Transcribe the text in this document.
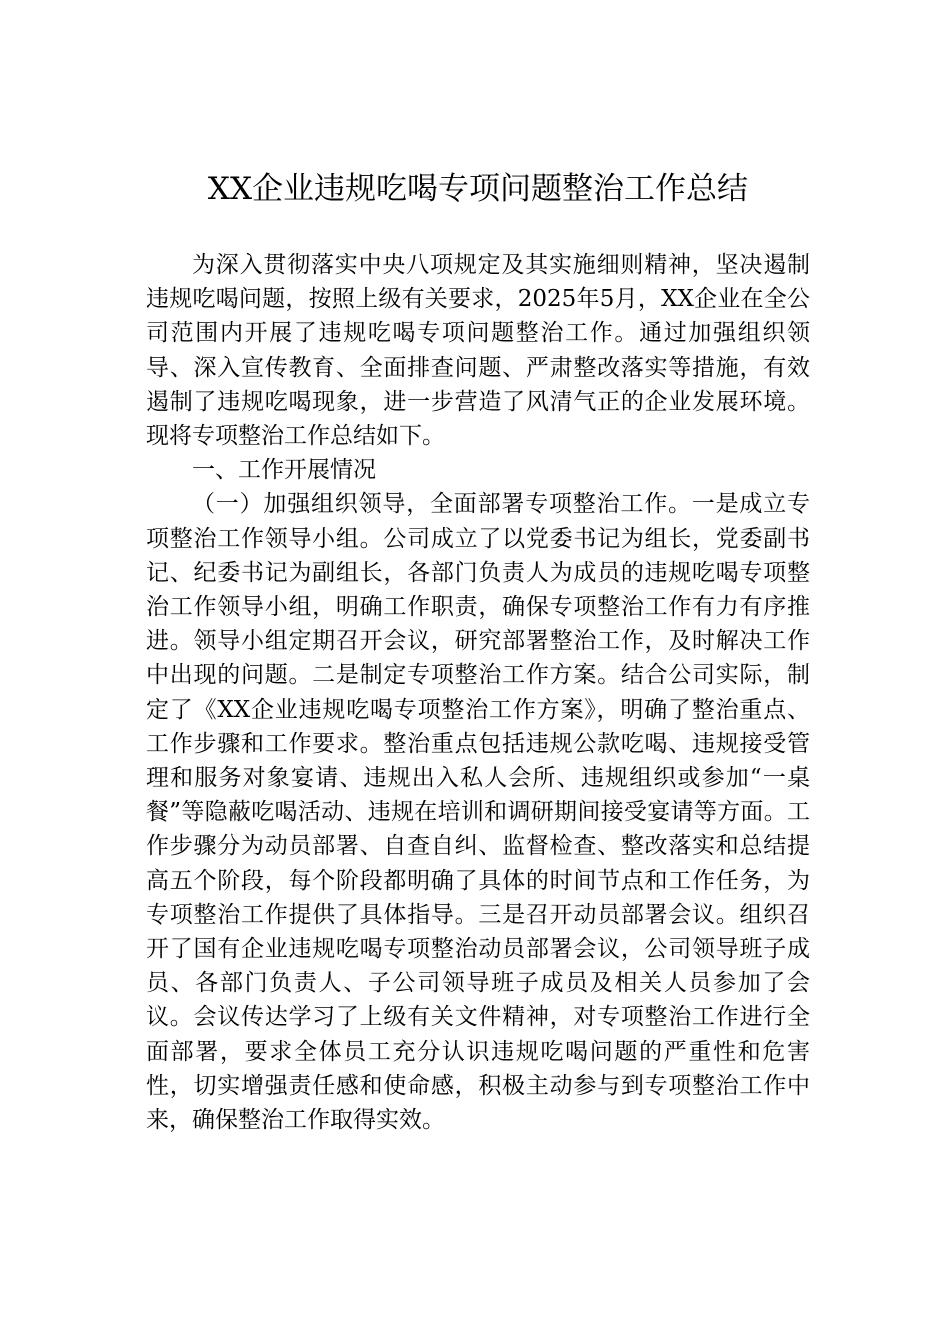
XX企业违规吃喝专项问题整治工作总结

为深入贯彻落实中央八项规定及其实施细则精神，坚决遏制违规吃喝问题，按照上级有关要求，2025年5月，XX企业在全公司范围内开展了违规吃喝专项问题整治工作。通过加强组织领导、深入宣传教育、全面排查问题、严肃整改落实等措施，有效遏制了违规吃喝现象，进一步营造了风清气正的企业发展环境。现将专项整治工作总结如下。

一、工作开展情况

（一）加强组织领导，全面部署专项整治工作。一是成立专项整治工作领导小组。公司成立了以党委书记为组长，党委副书记、纪委书记为副组长，各部门负责人为成员的违规吃喝专项整治工作领导小组，明确工作职责，确保专项整治工作有力有序推进。领导小组定期召开会议，研究部署整治工作，及时解决工作中出现的问题。二是制定专项整治工作方案。结合公司实际，制定了《XX企业违规吃喝专项整治工作方案》，明确了整治重点、工作步骤和工作要求。整治重点包括违规公款吃喝、违规接受管理和服务对象宴请、违规出入私人会所、违规组织或参加“一桌餐”等隐蔽吃喝活动、违规在培训和调研期间接受宴请等方面。工作步骤分为动员部署、自查自纠、监督检查、整改落实和总结提高五个阶段，每个阶段都明确了具体的时间节点和工作任务，为专项整治工作提供了具体指导。三是召开动员部署会议。组织召开了国有企业违规吃喝专项整治动员部署会议，公司领导班子成员、各部门负责人、子公司领导班子成员及相关人员参加了会议。会议传达学习了上级有关文件精神，对专项整治工作进行全面部署，要求全体员工充分认识违规吃喝问题的严重性和危害性，切实增强责任感和使命感，积极主动参与到专项整治工作中来，确保整治工作取得实效。
